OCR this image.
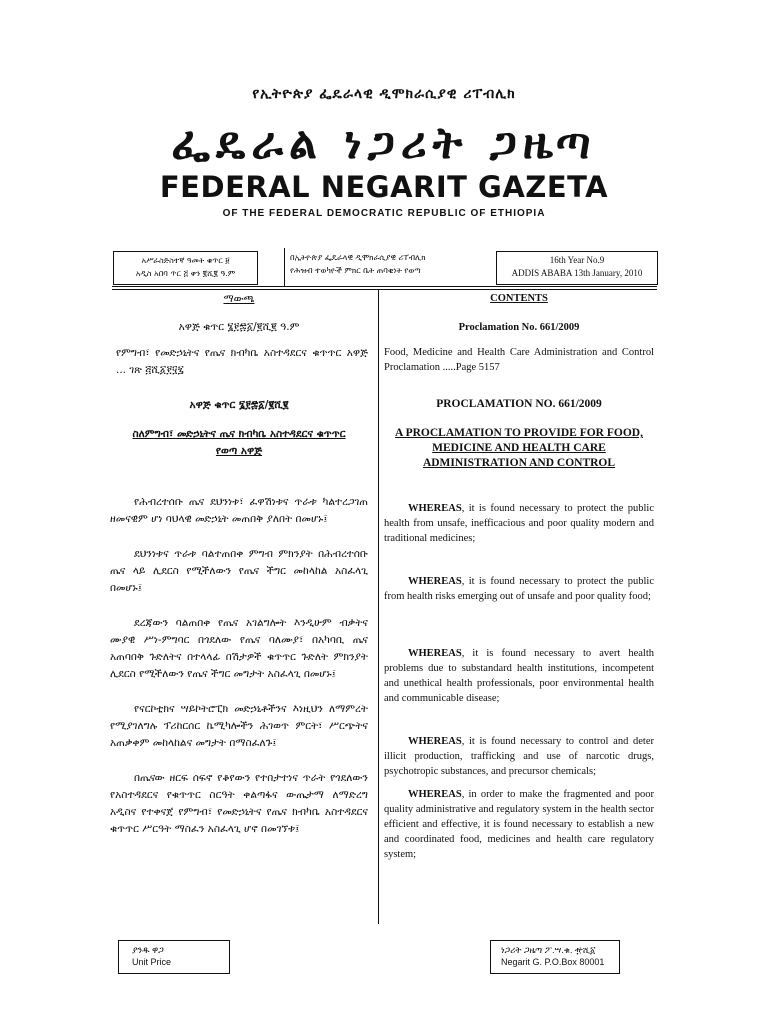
የኢትዮጵያ ፌዴራላዊ ዲሞክራሲያዊ ሪፐብሊክ
ፌዴራል ነጋሪት ጋዜጣ
FEDERAL NEGARIT GAZETA
OF THE FEDERAL DEMOCRATIC REPUBLIC OF ETHIOPIA
አሥራስድስተኛ ዓመት ቁጥር ፱
አዲስ አበባ ጥር ፭ ቀን ፪ሺ፪ ዓ.ም
በኢትዮጵያ ፌዴራላዊ ዲሞክራሲያዊ ሪፐብሊክ
የሕዝብ ተወካዮች ምክር ቤት ጠባቂነት የወጣ
16th Year No.9
ADDIS ABABA 13th January, 2010

ማውጫ

አዋጅ ቁጥር ፮፻፷፩/፪ሺ፪ ዓ.ም

የምግብ፣ የመድኃኒትና የጤና ክብካቤ አስተዳደርና ቁጥጥር አዋጅ ... ገጽ ፭ሺ፩፻፶፯

አዋጅ ቁጥር ፮፻፷፩/፪ሺ፪

ስለምግብ፣ መድኃኒትና ጤና ክብካቤ አስተዳደርና ቁጥጥር የወጣ አዋጅ

የሕብረተሰቡ ጤና ደህንነቱ፣ ፈዋሽነቱና ጥራቱ ካልተረጋገጠ ዘመናዊም ሆነ ባህላዊ መድኃኒት መጠበቅ ያለበት በመሆኑ፤

ደህንነቱና ጥራቱ ባልተጠበቀ ምግብ ምክንያት በሕብረተሰቡ ጤና ላይ ሊደርስ የሚችለውን የጤና ችግር መከላከል አስፈላጊ በመሆኑ፤

ደረጃውን ባልጠበቀ የጤና አገልግሎት እንዲሁም ብቃትና ሙያዊ ሥነ-ምግባር በጎደለው የጤና ባለሙያ፣ በአካባቢ ጤና አጠባበቅ ጉድለትና በተላላፊ በሽታዎች ቁጥጥር ጉድለት ምክንያት ሊደርስ የሚችለውን የጤና ችግር መግታት አስፈላጊ በመሆኑ፤

የናርኮቲክና ሣይኮትሮፒክ መድኃኒቶችንና እነዚህን ለማምረት የሚያገለግሉ ፕሪከርሰር ኬሚካሎችን ሕገወጥ ምርት፣ ሥርጭትና አጠቃቀም መከላከልና መግታት በማስፈለጉ፤

በጤናው ዘርፍ ሰፍኖ የቆየውን የተበታተነና ጥራት የጎደለውን የአስተዳደርና የቁጥጥር ስርዓት ቀልጣፋና ውጤታማ ለማድረግ አዲስና የተቀናጀ የምግብ፣ የመድኃኒትና የጤና ክብካቤ አስተዳደርና ቁጥጥር ሥርዓት ማስፈን አስፈላጊ ሆኖ በመገኘቱ፤

CONTENTS

Proclamation No. 661/2009

Food, Medicine and Health Care Administration and Control Proclamation .....Page 5157

PROCLAMATION NO. 661/2009

A PROCLAMATION TO PROVIDE FOR FOOD, MEDICINE AND HEALTH CARE ADMINISTRATION AND CONTROL

WHEREAS, it is found necessary to protect the public health from unsafe, inefficacious and poor quality modern and traditional medicines;

WHEREAS, it is found necessary to protect the public from health risks emerging out of unsafe and poor quality food;

WHEREAS, it is found necessary to avert health problems due to substandard health institutions, incompetent and unethical health professionals, poor environmental health and communicable disease;

WHEREAS, it is found necessary to control and deter illicit production, trafficking and use of narcotic drugs, psychotropic substances, and precursor chemicals;

WHEREAS, in order to make the fragmented and poor quality administrative and regulatory system in the health sector efficient and effective, it is found necessary to establish a new and coordinated food, medicines and health care regulatory system;

ያንዱ ዋጋ
Unit Price
ነጋሪት ጋዜጣ ፖ.ሣ.ቁ. ፹ሺ፩
Negarit G. P.O.Box 80001
